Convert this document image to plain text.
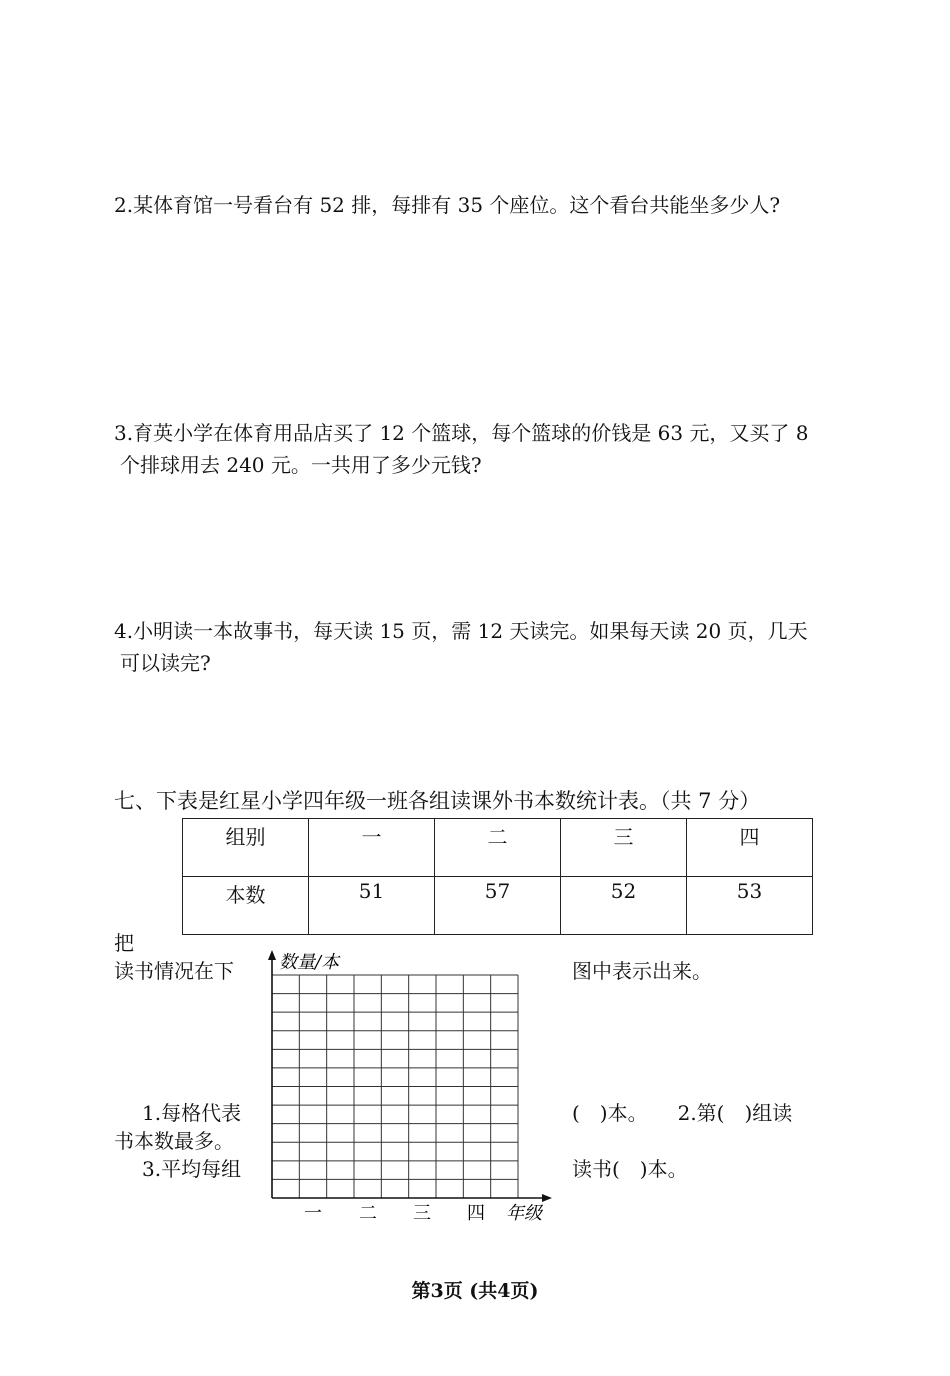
2.某体育馆一号看台有 52 排，每排有 35 个座位。这个看台共能坐多少人?

3.育英小学在体育用品店买了 12 个篮球，每个篮球的价钱是 63 元，又买了 8

个排球用去 240 元。一共用了多少元钱?

4.小明读一本故事书，每天读 15 页，需 12 天读完。如果每天读 20 页，几天

可以读完?

七、下表是红星小学四年级一班各组读课外书本数统计表。（共 7 分）

组别	一	二	三	四
本数	51	57	52	53

把

读书情况在下	图中表示出来。

1.每格代表	(　)本。　　2.第(　)组读

书本数最多。

3.平均每组	读书(　)本。

数量/本
年级
一 二 三 四
第3页 (共4页)
